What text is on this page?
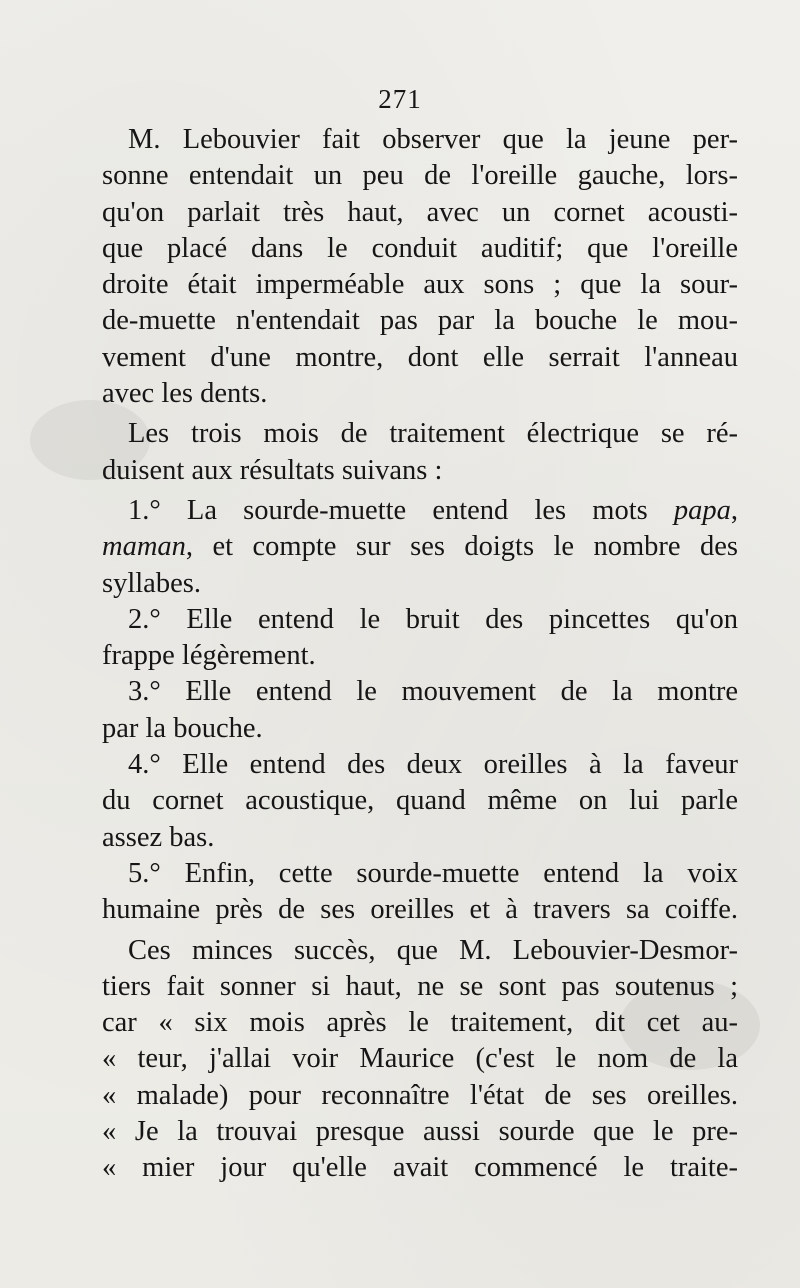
271
M. Lebouvier fait observer que la jeune per-
sonne entendait un peu de l'oreille gauche, lors-
qu'on parlait très haut, avec un cornet acousti-
que placé dans le conduit auditif; que l'oreille
droite était imperméable aux sons ; que la sour-
de-muette n'entendait pas par la bouche le mou-
vement d'une montre, dont elle serrait l'anneau
avec les dents.
Les trois mois de traitement électrique se ré-
duisent aux résultats suivans :
1.° La sourde-muette entend les mots papa,
maman, et compte sur ses doigts le nombre des
syllabes.
2.° Elle entend le bruit des pincettes qu'on
frappe légèrement.
3.° Elle entend le mouvement de la montre
par la bouche.
4.° Elle entend des deux oreilles à la faveur
du cornet acoustique, quand même on lui parle
assez bas.
5.° Enfin, cette sourde-muette entend la voix
humaine près de ses oreilles et à travers sa coiffe.
Ces minces succès, que M. Lebouvier-Desmor-
tiers fait sonner si haut, ne se sont pas soutenus ;
car « six mois après le traitement, dit cet au-
« teur, j'allai voir Maurice (c'est le nom de la
« malade) pour reconnaître l'état de ses oreilles.
« Je la trouvai presque aussi sourde que le pre-
« mier jour qu'elle avait commencé le traite-
